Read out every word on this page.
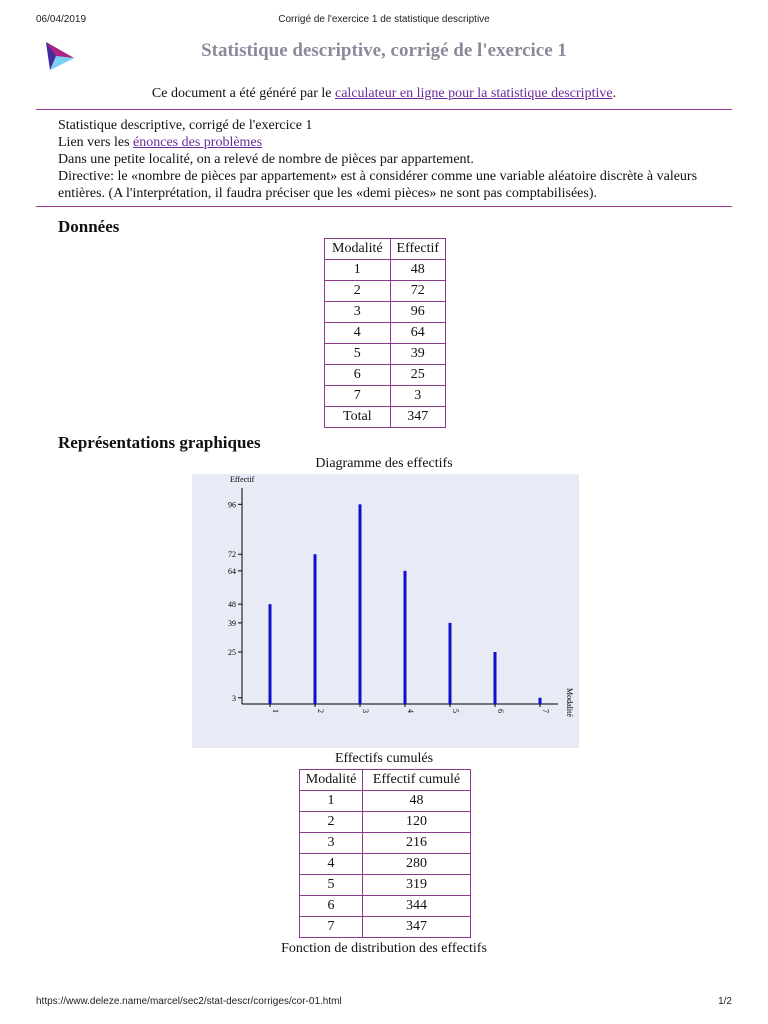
06/04/2019	Corrigé de l'exercice 1 de statistique descriptive
Statistique descriptive, corrigé de l'exercice 1
Ce document a été généré par le calculateur en ligne pour la statistique descriptive.

Statistique descriptive, corrigé de l'exercice 1

Lien vers les énonces des problèmes

Dans une petite localité, on a relevé de nombre de pièces par appartement.

Directive: le «nombre de pièces par appartement» est à considérer comme une variable aléatoire discrète à valeurs entières. (A l'interprétation, il faudra préciser que les «demi pièces» ne sont pas comptabilisées).

Données
Modalité	Effectif
1	48
2	72
3	96
4	64
5	39
6	25
7	3
Total	347
Représentations graphiques
Diagramme des effectifs
Effectif
3
25
39
48
64
72
96
1	2	3	4	5	6	7 Modalité
Effectifs cumulés
Modalité	Effectif cumulé
1	48
2	120
3	216
4	280
5	319
6	344
7	347
Fonction de distribution des effectifs
https://www.deleze.name/marcel/sec2/stat-descr/corriges/cor-01.html	1/2
